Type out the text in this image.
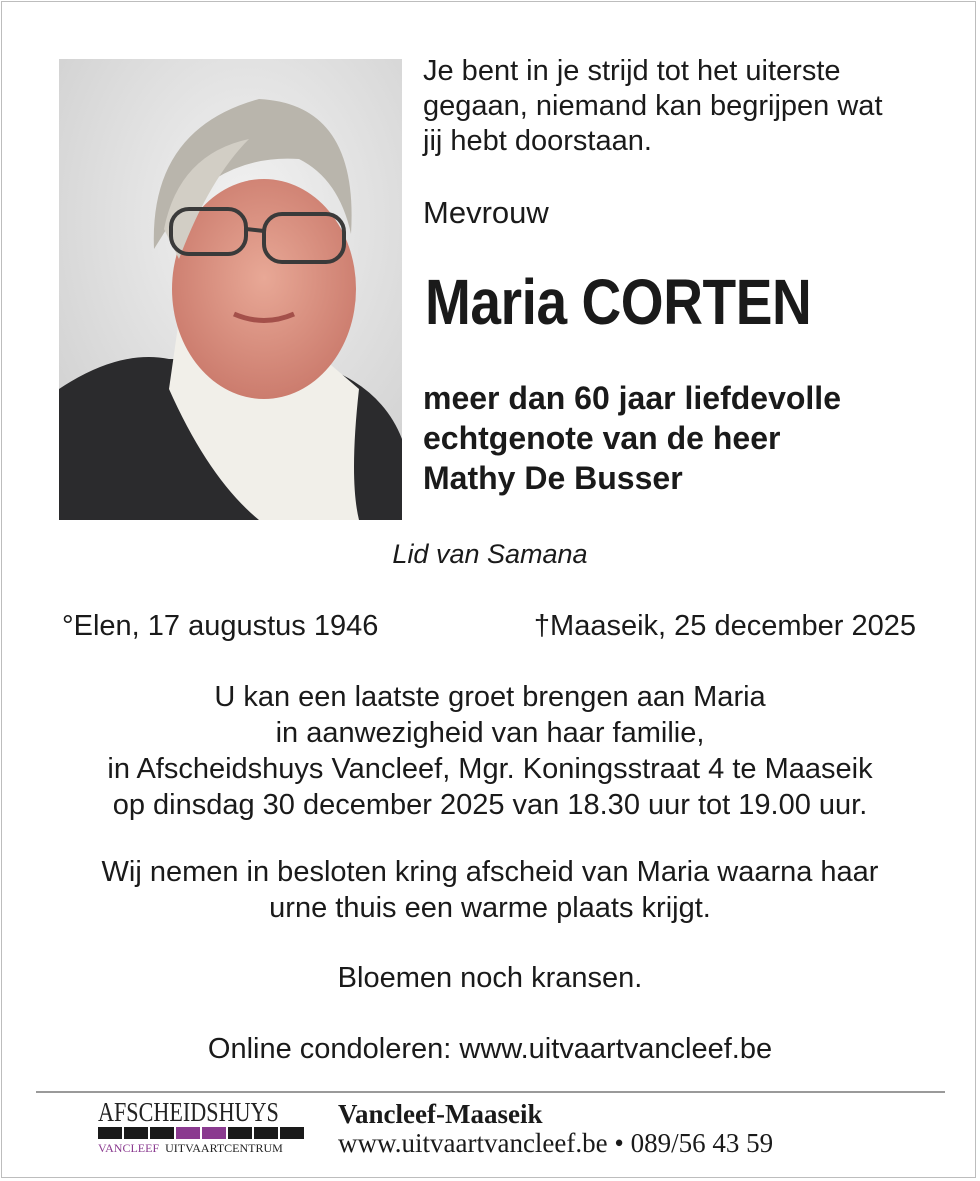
Je bent in je strijd tot het uiterste
gegaan, niemand kan begrijpen wat
jij hebt doorstaan.

Mevrouw
Maria CORTEN
meer dan 60 jaar liefdevolle
echtgenote van de heer
Mathy De Busser
Lid van Samana
°Elen, 17 augustus 1946	†Maaseik, 25 december 2025
U kan een laatste groet brengen aan Maria
in aanwezigheid van haar familie,
in Afscheidshuys Vancleef, Mgr. Koningsstraat 4 te Maaseik
op dinsdag 30 december 2025 van 18.30 uur tot 19.00 uur.
Wij nemen in besloten kring afscheid van Maria waarna haar
urne thuis een warme plaats krijgt.
Bloemen noch kransen.
Online condoleren: www.uitvaartvancleef.be
AFSCHEIDSHUYS
VANCLEEF UITVAARTCENTRUM
Vancleef-Maaseik
www.uitvaartvancleef.be • 089/56 43 59
